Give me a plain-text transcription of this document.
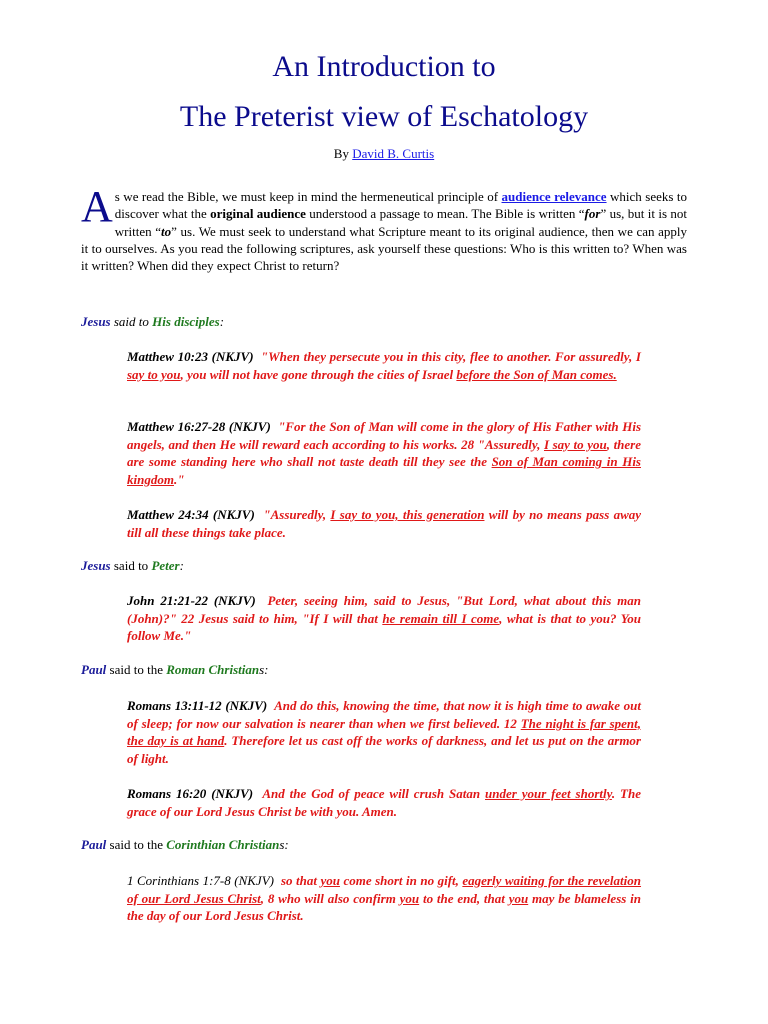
An Introduction to
The Preterist view of Eschatology
By David B. Curtis

As we read the Bible, we must keep in mind the hermeneutical principle of audience relevance which seeks to discover what the original audience understood a passage to mean. The Bible is written “for” us, but it is not written “to” us. We must seek to understand what Scripture meant to its original audience, then we can apply it to ourselves. As you read the following scriptures, ask yourself these questions: Who is this written to? When was it written? When did they expect Christ to return?

Jesus said to His disciples:

Matthew 10:23 (NKJV) "When they persecute you in this city, flee to another. For assuredly, I say to you, you will not have gone through the cities of Israel before the Son of Man comes.

Matthew 16:27-28 (NKJV) "For the Son of Man will come in the glory of His Father with His angels, and then He will reward each according to his works. 28 "Assuredly, I say to you, there are some standing here who shall not taste death till they see the Son of Man coming in His kingdom."

Matthew 24:34 (NKJV) "Assuredly, I say to you, this generation will by no means pass away till all these things take place.

Jesus said to Peter:

John 21:21-22 (NKJV) Peter, seeing him, said to Jesus, "But Lord, what about this man (John)?" 22 Jesus said to him, "If I will that he remain till I come, what is that to you? You follow Me."

Paul said to the Roman Christians:

Romans 13:11-12 (NKJV) And do this, knowing the time, that now it is high time to awake out of sleep; for now our salvation is nearer than when we first believed. 12 The night is far spent, the day is at hand. Therefore let us cast off the works of darkness, and let us put on the armor of light.

Romans 16:20 (NKJV) And the God of peace will crush Satan under your feet shortly. The grace of our Lord Jesus Christ be with you. Amen.

Paul said to the Corinthian Christians:

1 Corinthians 1:7-8 (NKJV) so that you come short in no gift, eagerly waiting for the revelation of our Lord Jesus Christ, 8 who will also confirm you to the end, that you may be blameless in the day of our Lord Jesus Christ.
